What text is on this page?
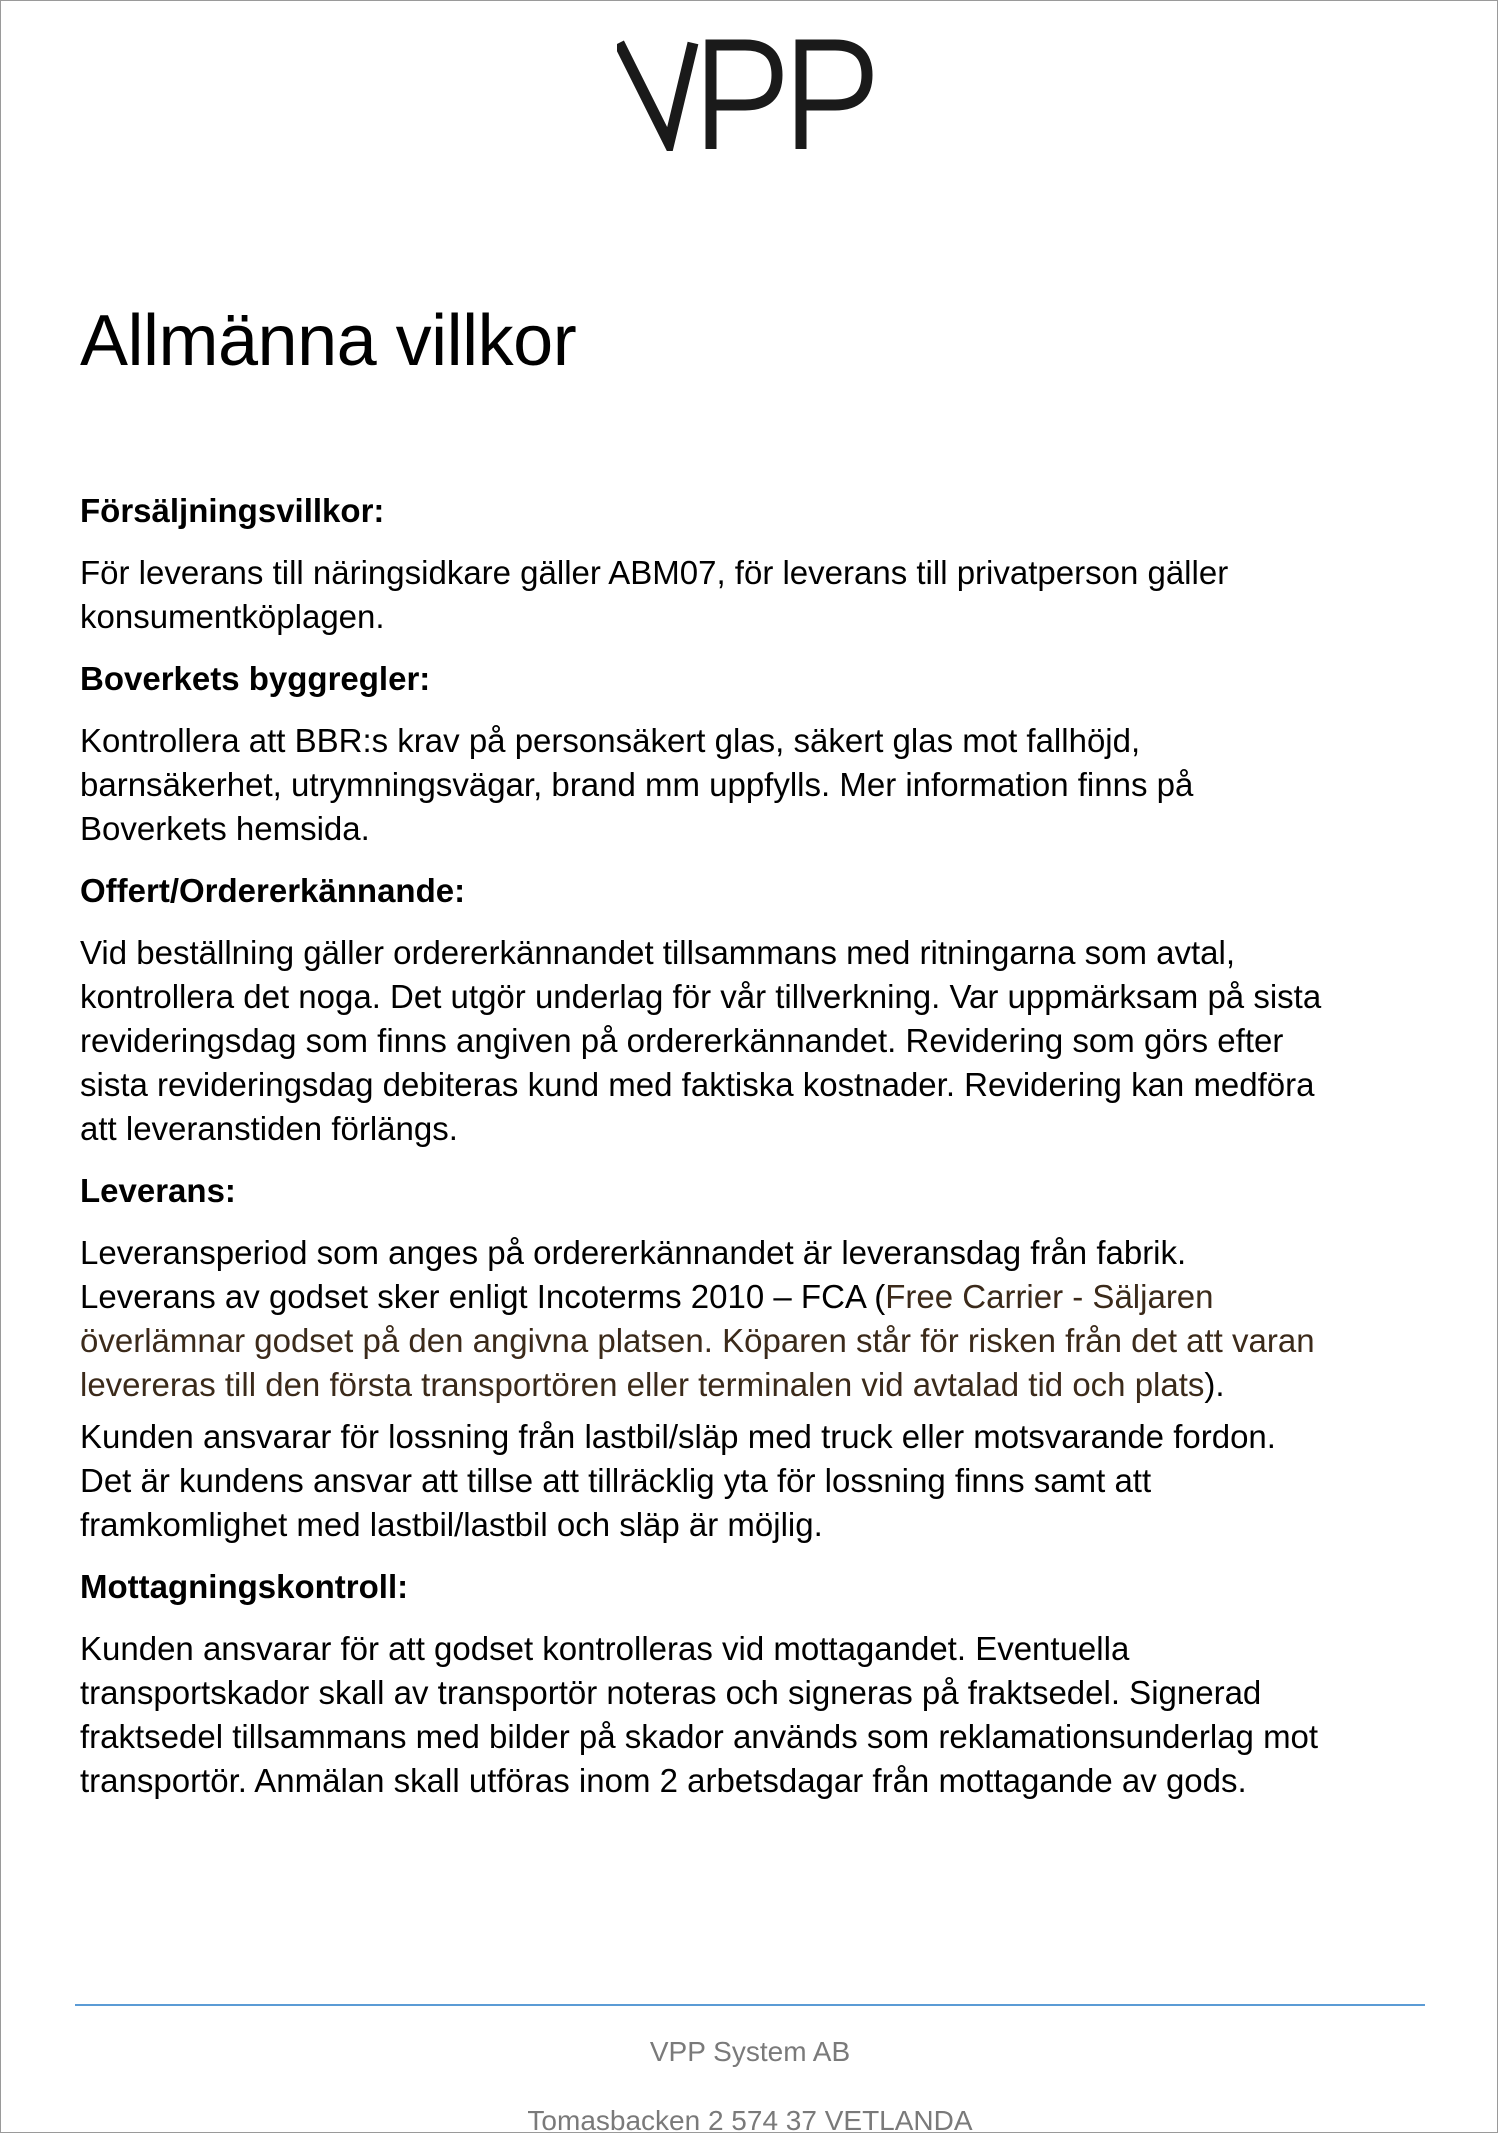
Allmänna villkor
Försäljningsvillkor:

För leverans till näringsidkare gäller ABM07, för leverans till privatperson gäller
konsumentköplagen.

Boverkets byggregler:

Kontrollera att BBR:s krav på personsäkert glas, säkert glas mot fallhöjd,
barnsäkerhet, utrymningsvägar, brand mm uppfylls. Mer information finns på
Boverkets hemsida.

Offert/Ordererkännande:

Vid beställning gäller ordererkännandet tillsammans med ritningarna som avtal,
kontrollera det noga. Det utgör underlag för vår tillverkning. Var uppmärksam på sista
revideringsdag som finns angiven på ordererkännandet. Revidering som görs efter
sista revideringsdag debiteras kund med faktiska kostnader. Revidering kan medföra
att leveranstiden förlängs.

Leverans:

Leveransperiod som anges på ordererkännandet är leveransdag från fabrik.
Leverans av godset sker enligt Incoterms 2010 – FCA (Free Carrier - Säljaren
överlämnar godset på den angivna platsen. Köparen står för risken från det att varan
levereras till den första transportören eller terminalen vid avtalad tid och plats).

Kunden ansvarar för lossning från lastbil/släp med truck eller motsvarande fordon.
Det är kundens ansvar att tillse att tillräcklig yta för lossning finns samt att
framkomlighet med lastbil/lastbil och släp är möjlig.

Mottagningskontroll:

Kunden ansvarar för att godset kontrolleras vid mottagandet. Eventuella
transportskador skall av transportör noteras och signeras på fraktsedel. Signerad
fraktsedel tillsammans med bilder på skador används som reklamationsunderlag mot
transportör. Anmälan skall utföras inom 2 arbetsdagar från mottagande av gods.

VPP System AB
Tomasbacken 2 574 37 VETLANDA
